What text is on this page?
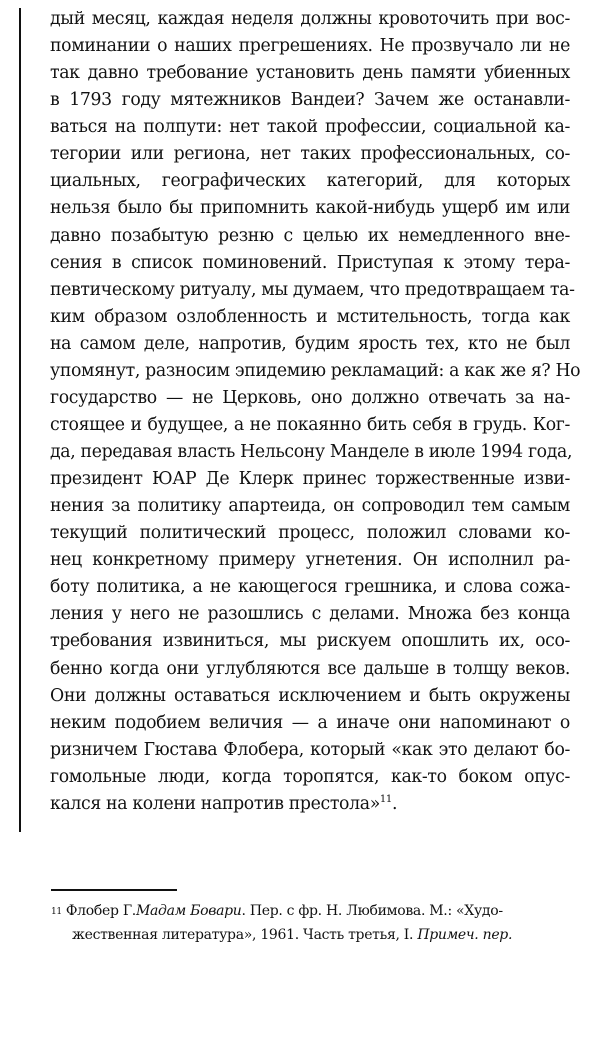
дый месяц, каждая неделя должны кровоточить при вос-
поминании о наших прегрешениях. Не прозвучало ли не
так давно требование установить день памяти убиенных
в 1793 году мятежников Вандеи? Зачем же останавли-
ваться на полпути: нет такой профессии, социальной ка-
тегории или региона, нет таких профессиональных, со-
циальных, географических категорий, для которых
нельзя было бы припомнить какой-нибудь ущерб им или
давно позабытую резню с целью их немедленного вне-
сения в список поминовений. Приступая к этому тера-
певтическому ритуалу, мы думаем, что предотвращаем та-
ким образом озлобленность и мстительность, тогда как
на самом деле, напротив, будим ярость тех, кто не был
упомянут, разносим эпидемию рекламаций: а как же я? Но
государство — не Церковь, оно должно отвечать за на-
стоящее и будущее, а не покаянно бить себя в грудь. Ког-
да, передавая власть Нельсону Манделе в июле 1994 года,
президент ЮАР Де Клерк принес торжественные изви-
нения за политику апартеида, он сопроводил тем самым
текущий политический процесс, положил словами ко-
нец конкретному примеру угнетения. Он исполнил ра-
боту политика, а не кающегося грешника, и слова сожа-
ления у него не разошлись с делами. Множа без конца
требования извиниться, мы рискуем опошлить их, осо-
бенно когда они углубляются все дальше в толщу веков.
Они должны оставаться исключением и быть окружены
неким подобием величия — а иначе они напоминают о
ризничем Гюстава Флобера, который «как это делают бо-
гомольные люди, когда торопятся, как-то боком опус-
кался на колени напротив престола»$^{11}$.
$^{11}$ Флобер Г.Мадам Бовари. Пер. с фр. Н. Любимова. М.: «Худо-
жественная литература», 1961. Часть третья, I. Примеч. пер.
